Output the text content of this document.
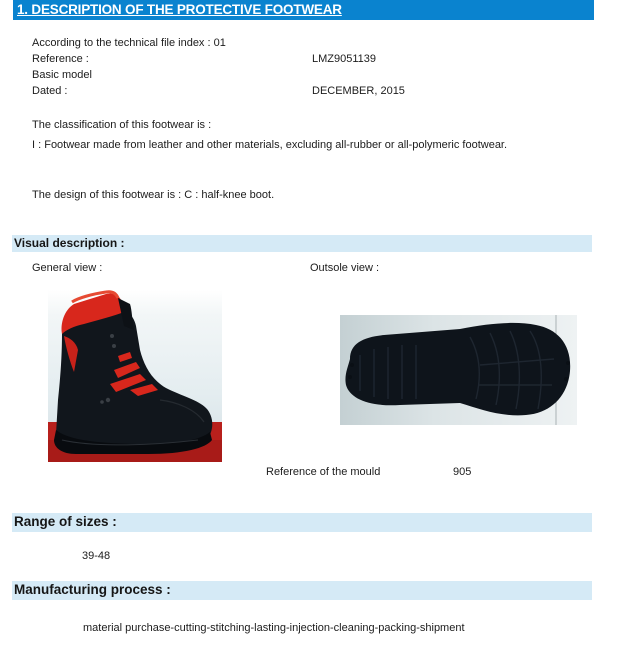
1. DESCRIPTION OF THE PROTECTIVE FOOTWEAR
According to the technical file index : 01
Reference :	LMZ9051139
Basic model
Dated :	DECEMBER, 2015
The classification of this footwear is :
I : Footwear made from leather and other materials, excluding all-rubber or all-polymeric footwear.
The design of this footwear is : C : half-knee boot.
Visual description :
General view :	Outsole view :
Reference of the mould	905
Range of sizes :
39-48
Manufacturing process :
material purchase-cutting-stitching-lasting-injection-cleaning-packing-shipment
